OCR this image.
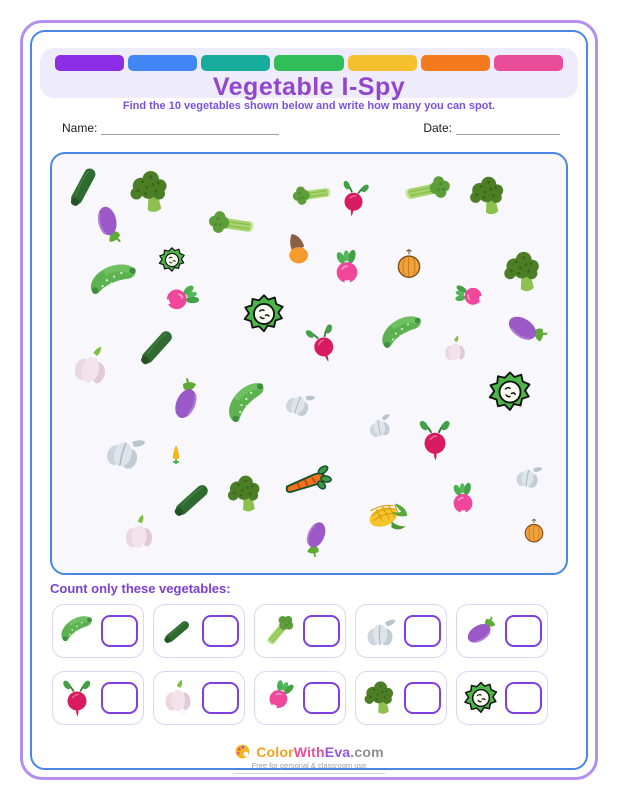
Vegetable I-Spy
Find the 10 vegetables shown below and write how many you can spot.
Name:	Date:
Count only these vegetables:
ColorWithEva.com
Free for personal & classroom use
